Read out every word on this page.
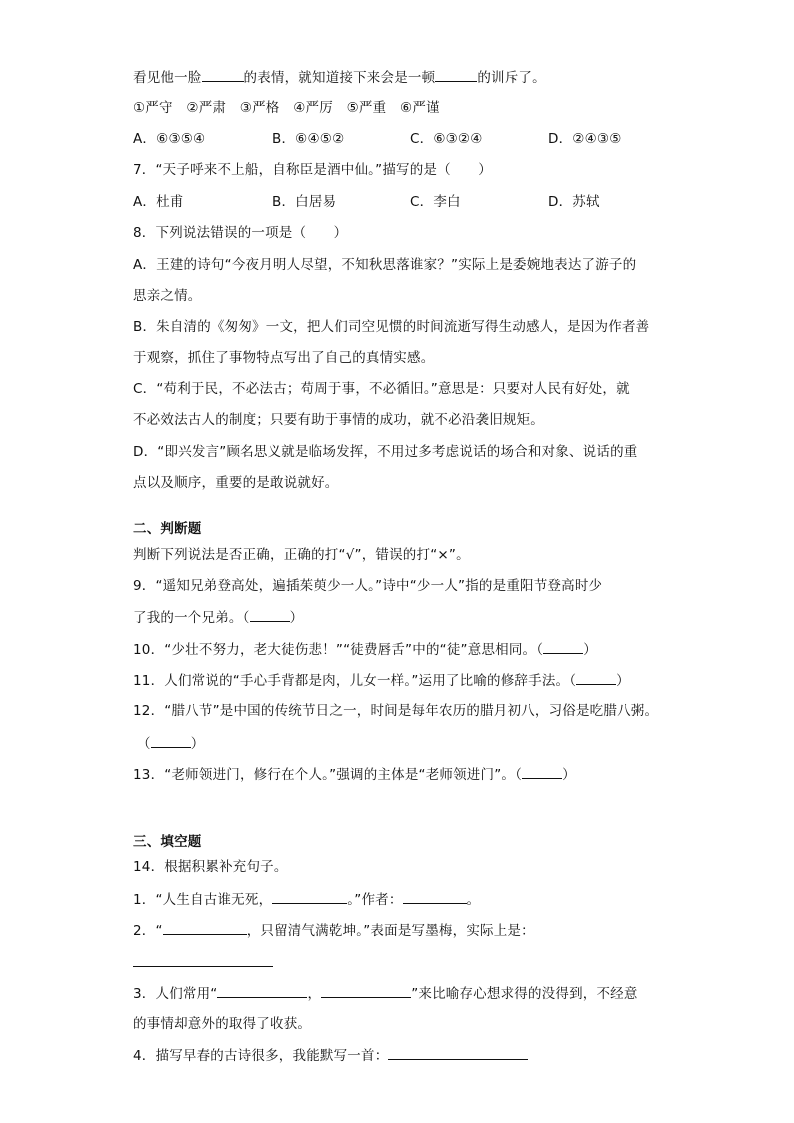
看见他一脸	的表情，就知道接下来会是一顿	的训斥了。
①严守　②严肃　③严格　④严厉　⑤严重　⑥严谨
A．⑥③⑤④	B．⑥④⑤②	C．⑥③②④	D．②④③⑤
7．“天子呼来不上船，自称臣是酒中仙。”描写的是（　　）
A．杜甫	B．白居易	C．李白	D．苏轼
8．下列说法错误的一项是（　　）
A．王建的诗句“今夜月明人尽望，不知秋思落谁家？”实际上是委婉地表达了游子的
思亲之情。
B．朱自清的《匆匆》一文，把人们司空见惯的时间流逝写得生动感人，是因为作者善
于观察，抓住了事物特点写出了自己的真情实感。
C．“苟利于民，不必法古；苟周于事，不必循旧。”意思是：只要对人民有好处，就
不必效法古人的制度；只要有助于事情的成功，就不必沿袭旧规矩。
D．“即兴发言”顾名思义就是临场发挥，不用过多考虑说话的场合和对象、说话的重
点以及顺序，重要的是敢说就好。
二、判断题
判断下列说法是否正确，正确的打“√”，错误的打“×”。
9．“遥知兄弟登高处，遍插茱萸少一人。”诗中“少一人”指的是重阳节登高时少
了我的一个兄弟。（	）
10．“少壮不努力，老大徒伤悲！”“徒费唇舌”中的“徒”意思相同。（	）
11．人们常说的“手心手背都是肉，儿女一样。”运用了比喻的修辞手法。（	）
12．“腊八节”是中国的传统节日之一，时间是每年农历的腊月初八，习俗是吃腊八粥。
（	）
13．“老师领进门，修行在个人。”强调的主体是“老师领进门”。（	）
三、填空题
14．根据积累补充句子。
1．“人生自古谁无死，	。”作者：	。
2．“	，只留清气满乾坤。”表面是写墨梅，实际上是：
3．人们常用“	，	”来比喻存心想求得的没得到，不经意
的事情却意外的取得了收获。
4．描写早春的古诗很多，我能默写一首：
